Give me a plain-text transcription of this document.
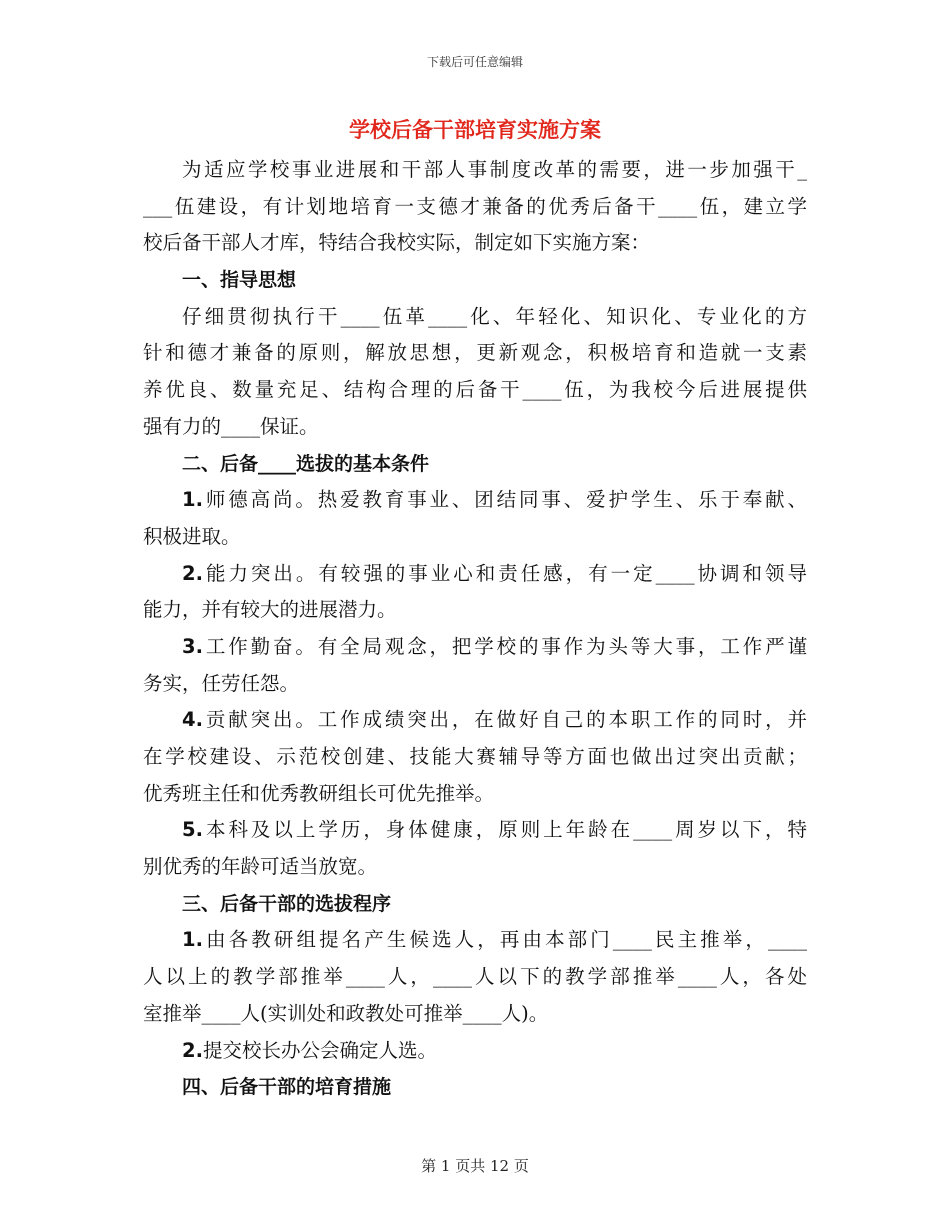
下载后可任意编辑
学校后备干部培育实施方案
为适应学校事业进展和干部人事制度改革的需要，进一步加强干_
___伍建设，有计划地培育一支德才兼备的优秀后备干____伍，建立学
校后备干部人才库，特结合我校实际，制定如下实施方案：
一、指导思想
仔细贯彻执行干____伍革____化、年轻化、知识化、专业化的方
针和德才兼备的原则，解放思想，更新观念，积极培育和造就一支素
养优良、数量充足、结构合理的后备干____伍，为我校今后进展提供
强有力的____保证。
二、后备____选拔的基本条件
1.师德高尚。热爱教育事业、团结同事、爱护学生、乐于奉献、
积极进取。
2.能力突出。有较强的事业心和责任感，有一定____协调和领导
能力，并有较大的进展潜力。
3.工作勤奋。有全局观念，把学校的事作为头等大事，工作严谨
务实，任劳任怨。
4.贡献突出。工作成绩突出，在做好自己的本职工作的同时，并
在学校建设、示范校创建、技能大赛辅导等方面也做出过突出贡献；
优秀班主任和优秀教研组长可优先推举。
5.本科及以上学历，身体健康，原则上年龄在____周岁以下，特
别优秀的年龄可适当放宽。
三、后备干部的选拔程序
1.由各教研组提名产生候选人，再由本部门____民主推举，____
人以上的教学部推举____人，____人以下的教学部推举____人，各处
室推举____人(实训处和政教处可推举____人)。
2.提交校长办公会确定人选。
四、后备干部的培育措施
第 1 页共 12 页
